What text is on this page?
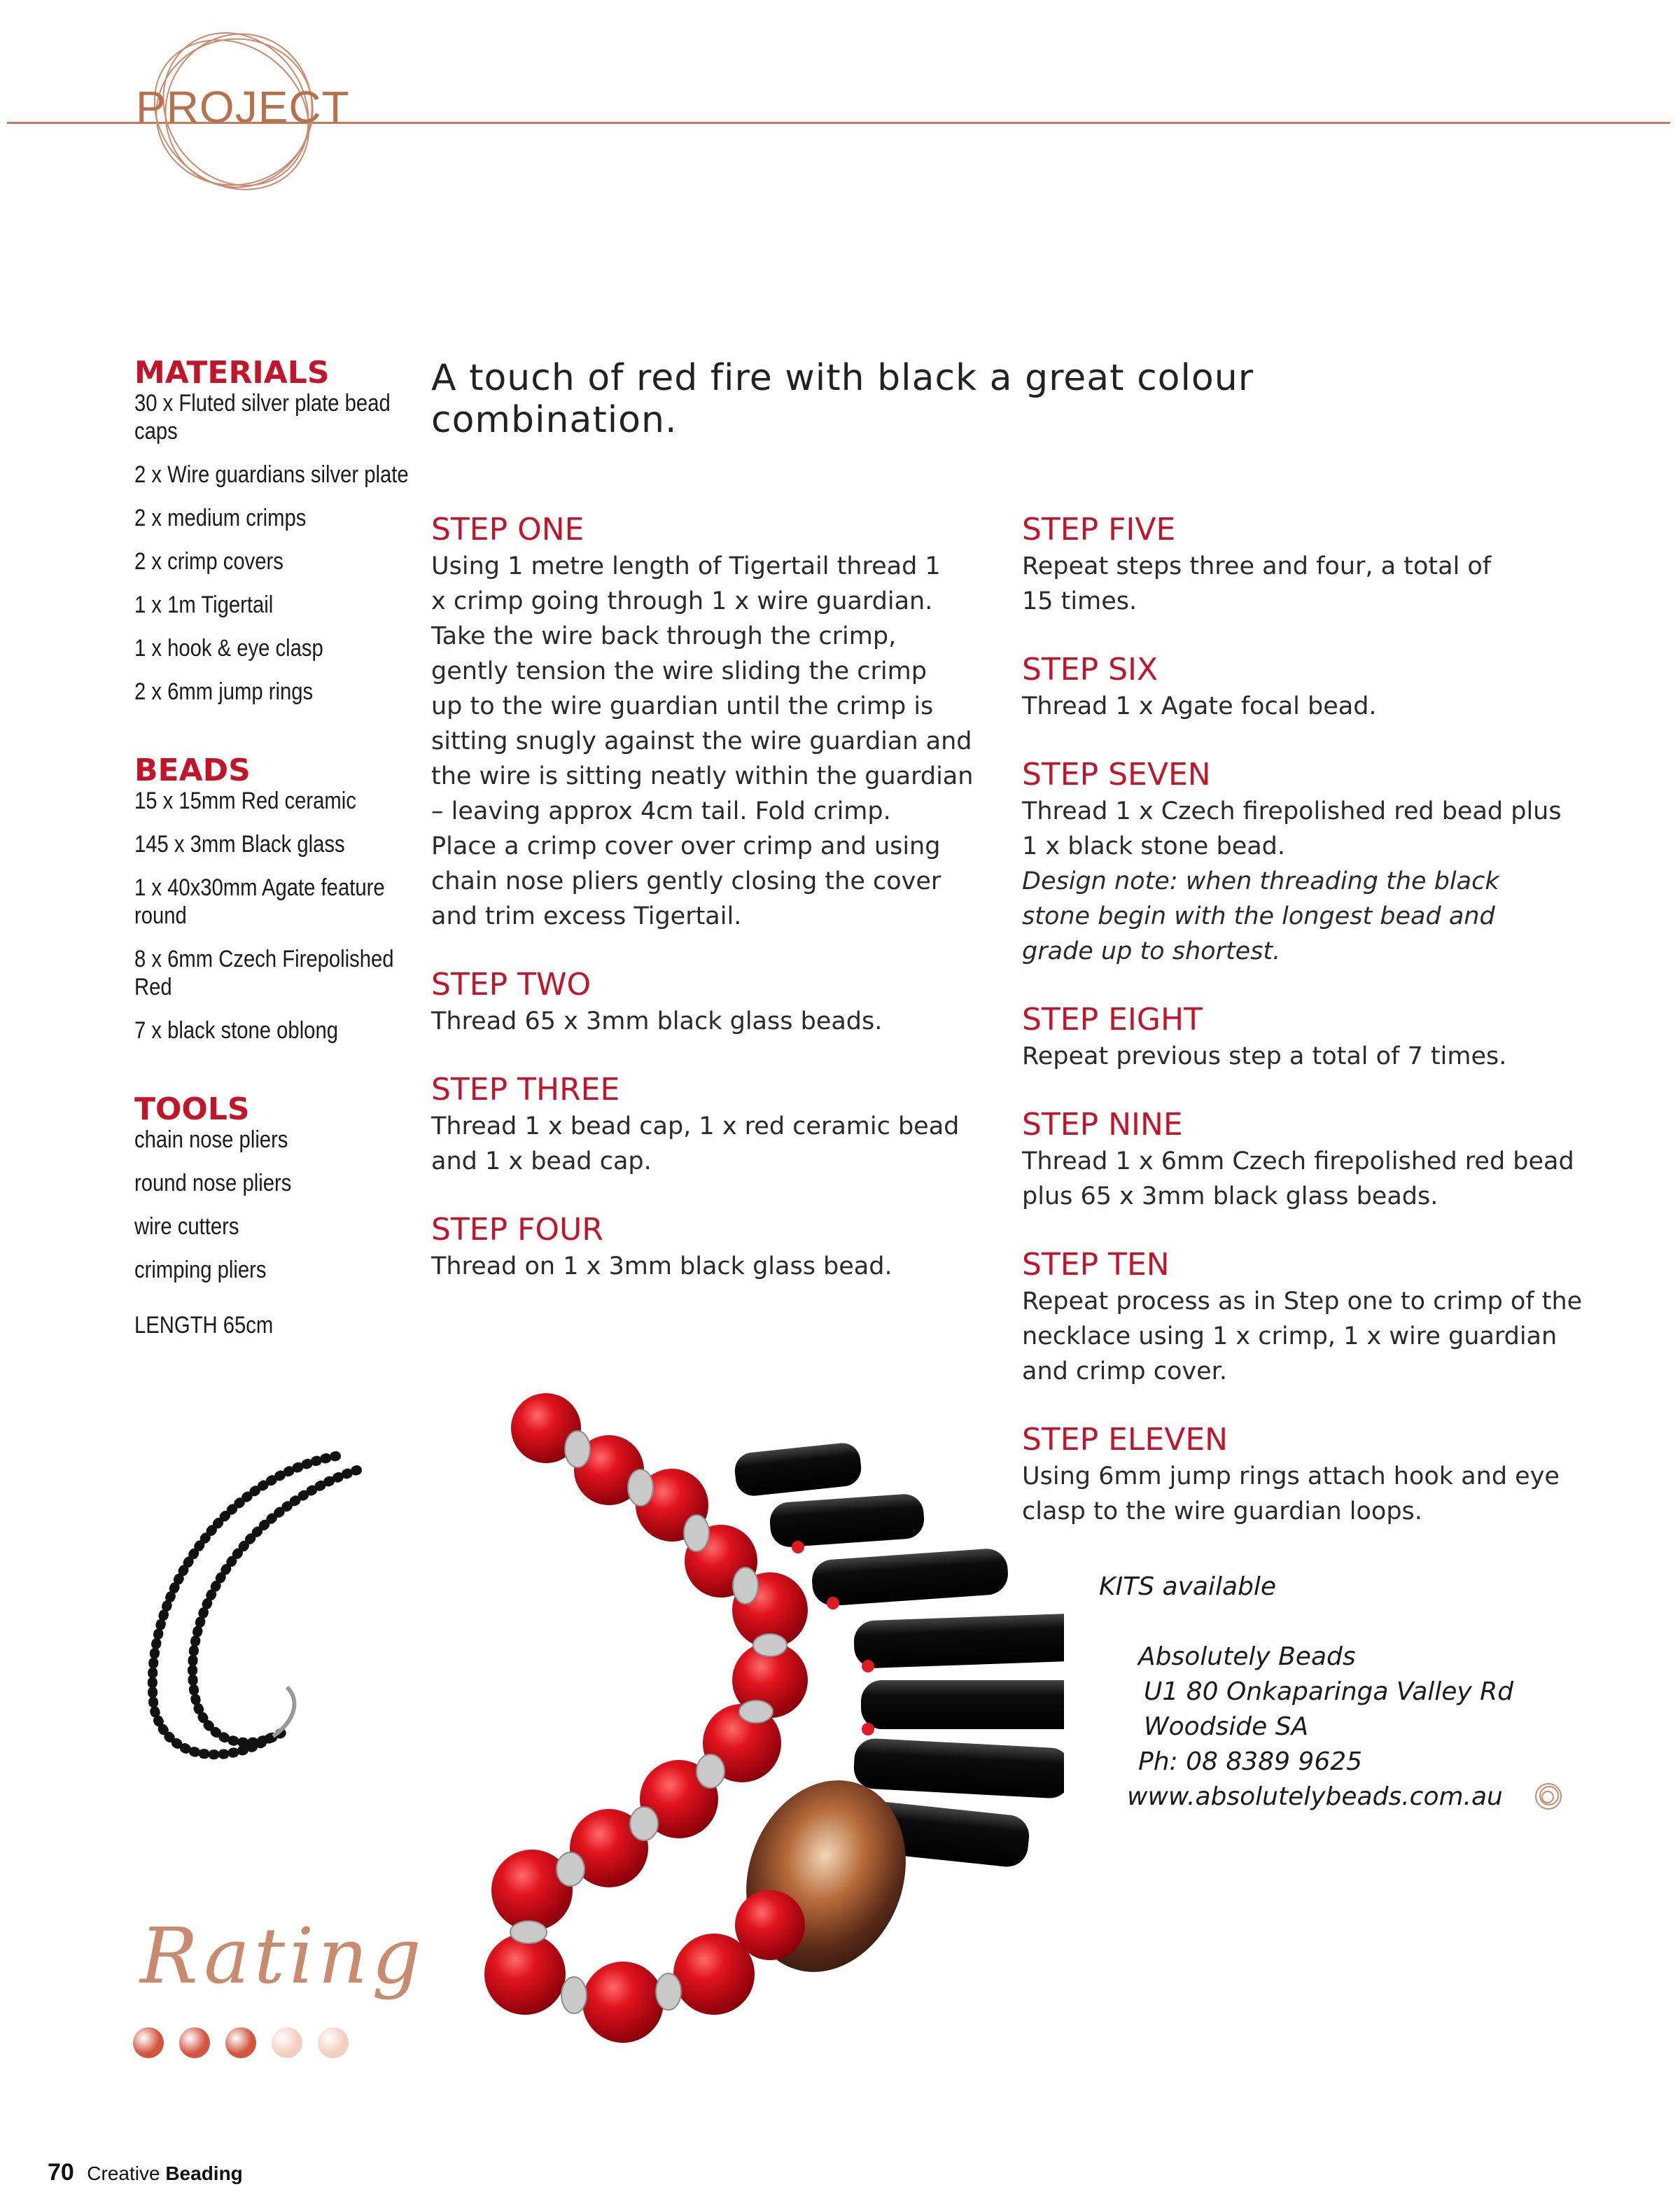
PROJECT
MATERIALS
30 x Fluted silver plate bead caps
2 x Wire guardians silver plate
2 x medium crimps
2 x crimp covers
1 x 1m Tigertail
1 x hook & eye clasp
2 x 6mm jump rings
BEADS
15 x 15mm Red ceramic
145 x 3mm Black glass
1 x 40x30mm Agate feature round
8 x 6mm Czech Firepolished Red
7 x black stone oblong
TOOLS
chain nose pliers
round nose pliers
wire cutters
crimping pliers
LENGTH 65cm
A touch of red fire with black a great colour combination.
STEP ONE

Using 1 metre length of Tigertail thread 1

x crimp going through 1 x wire guardian.

Take the wire back through the crimp,

gently tension the wire sliding the crimp

up to the wire guardian until the crimp is

sitting snugly against the wire guardian and

the wire is sitting neatly within the guardian

– leaving approx 4cm tail. Fold crimp.

Place a crimp cover over crimp and using

chain nose pliers gently closing the cover

and trim excess Tigertail.

STEP TWO

Thread 65 x 3mm black glass beads.

STEP THREE

Thread 1 x bead cap, 1 x red ceramic bead

and 1 x bead cap.

STEP FOUR

Thread on 1 x 3mm black glass bead.

STEP FIVE

Repeat steps three and four, a total of

15 times.

STEP SIX

Thread 1 x Agate focal bead.

STEP SEVEN

Thread 1 x Czech firepolished red bead plus

1 x black stone bead.

Design note: when threading the black

stone begin with the longest bead and

grade up to shortest.

STEP EIGHT

Repeat previous step a total of 7 times.

STEP NINE

Thread 1 x 6mm Czech firepolished red bead

plus 65 x 3mm black glass beads.

STEP TEN

Repeat process as in Step one to crimp of the

necklace using 1 x crimp, 1 x wire guardian

and crimp cover.

STEP ELEVEN

Using 6mm jump rings attach hook and eye

clasp to the wire guardian loops.

KITS available
Absolutely Beads
U1 80 Onkaparinga Valley Rd
Woodside SA
Ph: 08 8389 9625
www.absolutelybeads.com.au
Rating
70 Creative Beading
